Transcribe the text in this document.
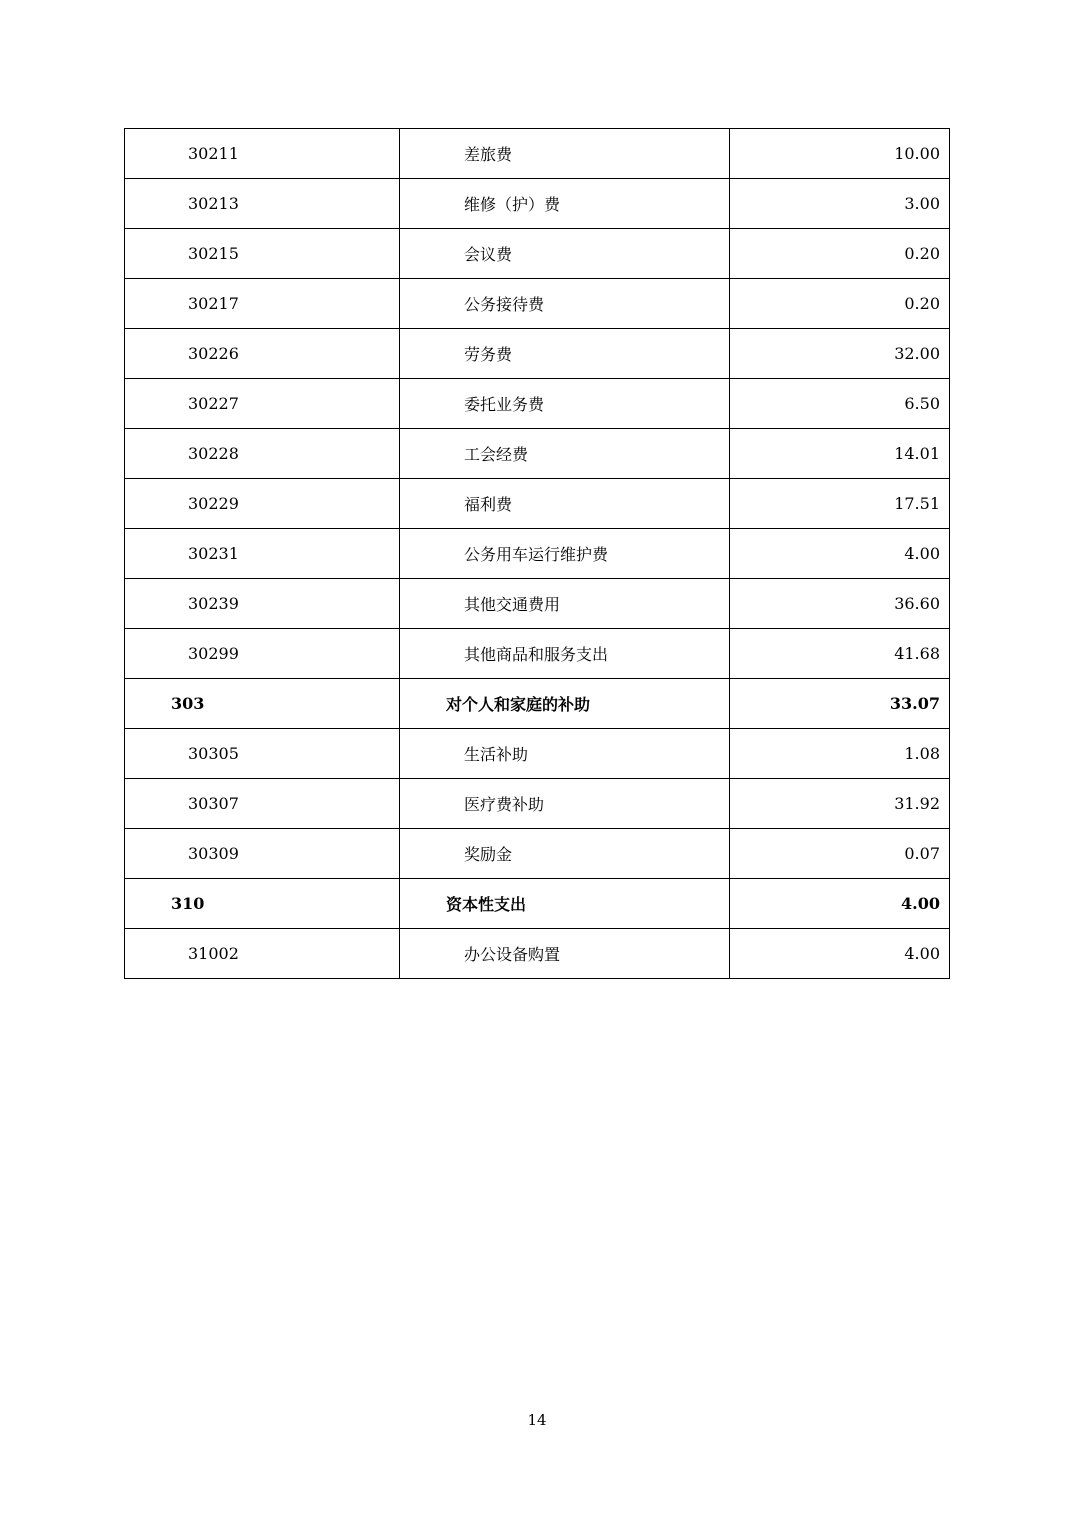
30211	差旅费	10.00
30213	维修（护）费	3.00
30215	会议费	0.20
30217	公务接待费	0.20
30226	劳务费	32.00
30227	委托业务费	6.50
30228	工会经费	14.01
30229	福利费	17.51
30231	公务用车运行维护费	4.00
30239	其他交通费用	36.60
30299	其他商品和服务支出	41.68
303	对个人和家庭的补助	33.07
30305	生活补助	1.08
30307	医疗费补助	31.92
30309	奖励金	0.07
310	资本性支出	4.00
31002	办公设备购置	4.00
14
